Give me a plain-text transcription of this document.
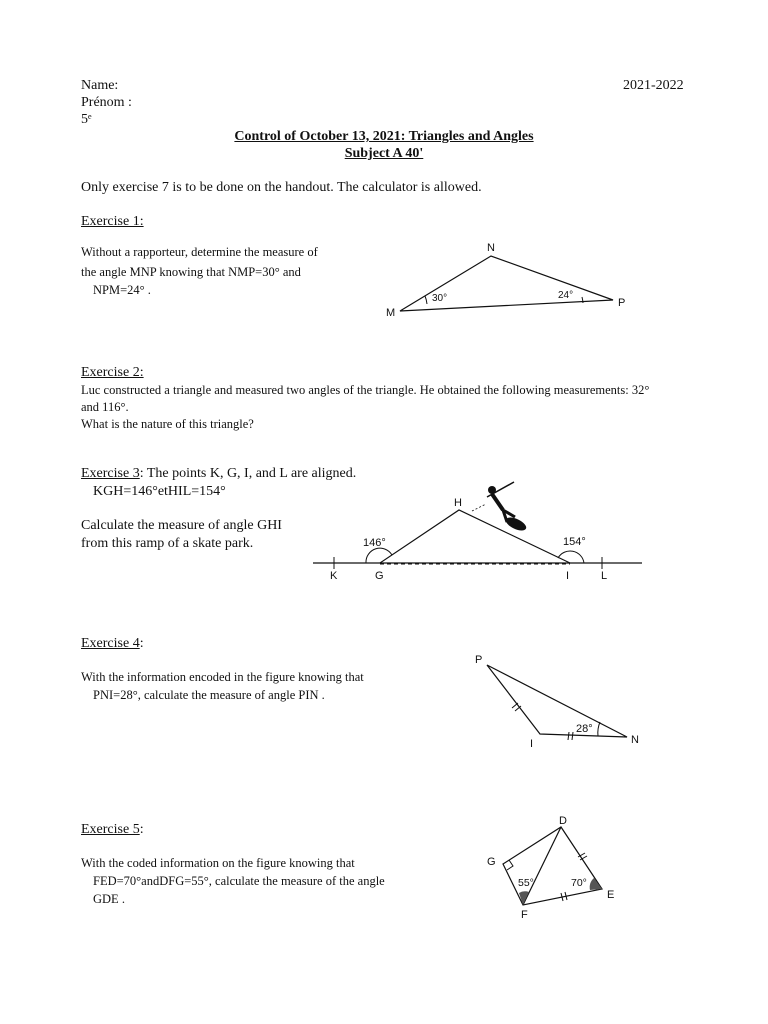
Name:
Prénom :
5ᵉ
2021-2022
Control of October 13, 2021: Triangles and Angles
Subject A 40'
Only exercise 7 is to be done on the handout. The calculator is allowed.
Exercise 1:
Without a rapporteur, determine the measure of
the angle MNP knowing that NMP=30° and
NPM=24° .
N
M
P
30°	24°
Exercise 2:
Luc constructed a triangle and measured two angles of the triangle. He obtained the following measurements: 32°
and 116°.
What is the nature of this triangle?
Exercise 3: The points K, G, I, and L are aligned.
KGH=146°etHIL=154°
Calculate the measure of angle GHI
from this ramp of a skate park.
H
K	G	I	L
146°	154°
Exercise 4:
With the information encoded in the figure knowing that
PNI=28°, calculate the measure of angle PIN .
P
I	N
28°
Exercise 5:
With the coded information on the figure knowing that
FED=70°andDFG=55°, calculate the measure of the angle
GDE .
D
G
F
E
55°	70°
